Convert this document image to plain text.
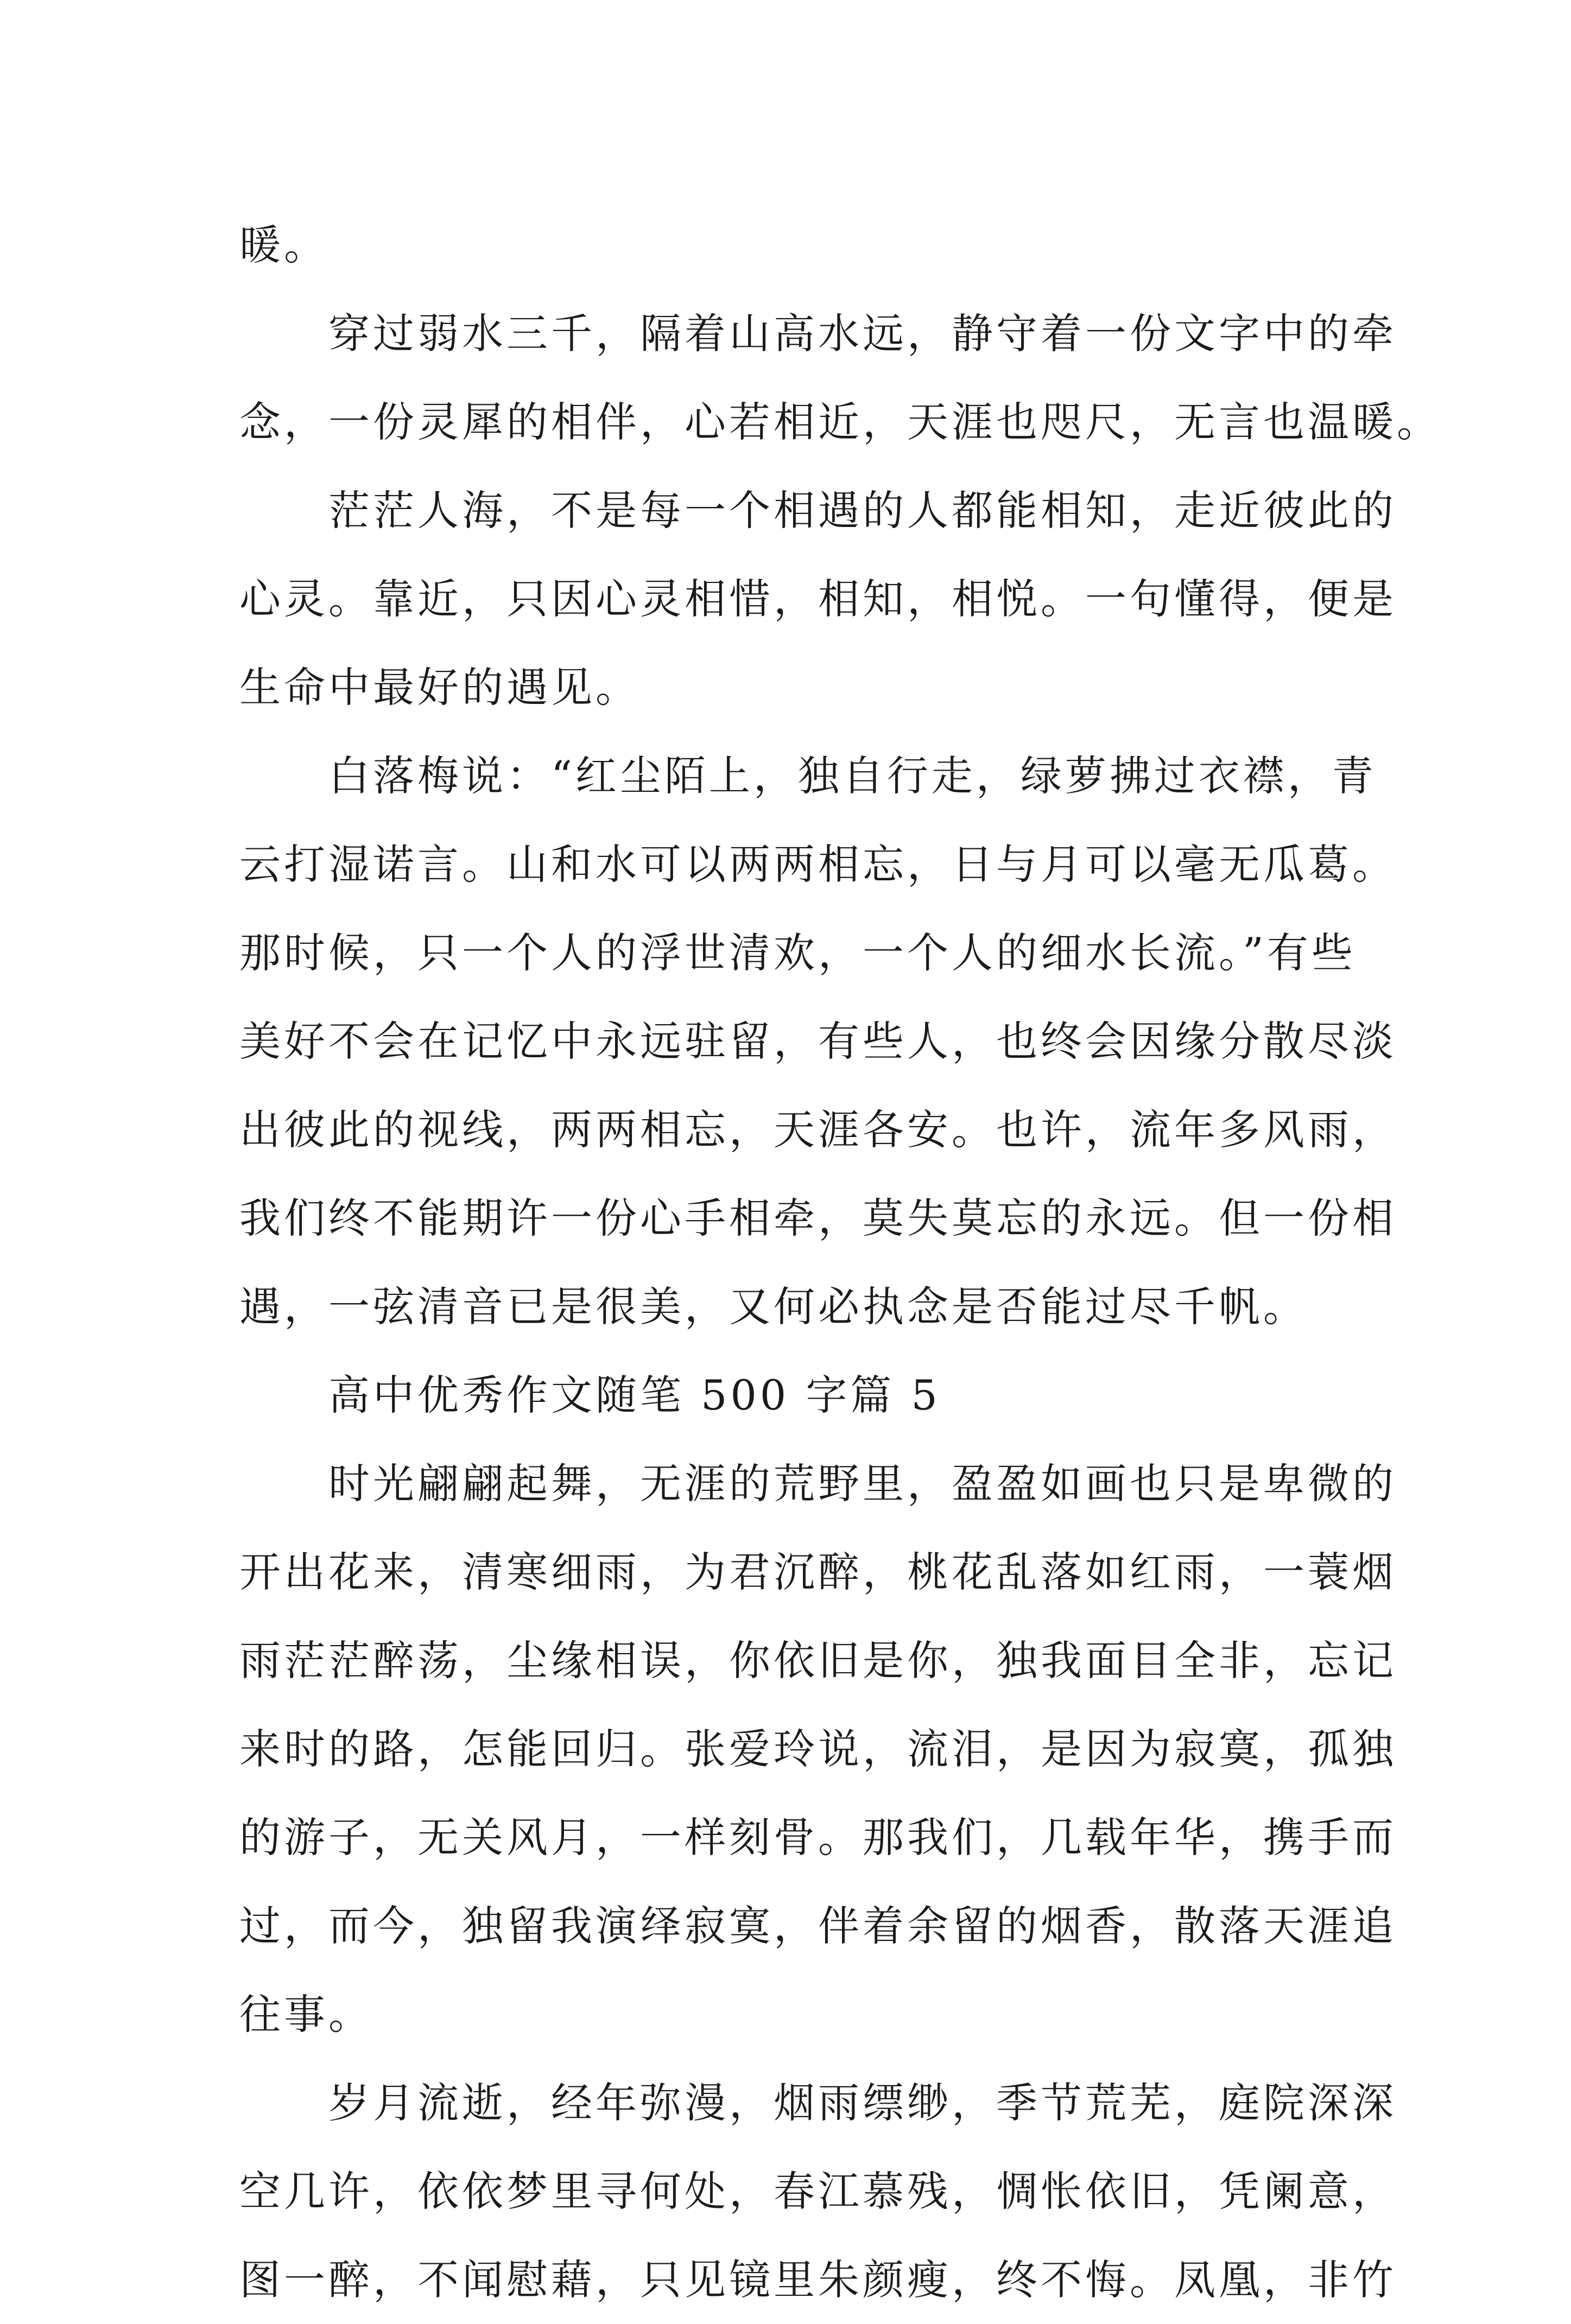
暖。
穿过弱水三千，隔着山高水远，静守着一份文字中的牵
念，一份灵犀的相伴，心若相近，天涯也咫尺，无言也温暖。
茫茫人海，不是每一个相遇的人都能相知，走近彼此的
心灵。靠近，只因心灵相惜，相知，相悦。一句懂得，便是
生命中最好的遇见。
白落梅说：“红尘陌上，独自行走，绿萝拂过衣襟，青
云打湿诺言。山和水可以两两相忘，日与月可以毫无瓜葛。
那时候，只一个人的浮世清欢，一个人的细水长流。”有些
美好不会在记忆中永远驻留，有些人，也终会因缘分散尽淡
出彼此的视线，两两相忘，天涯各安。也许，流年多风雨，
我们终不能期许一份心手相牵，莫失莫忘的永远。但一份相
遇，一弦清音已是很美，又何必执念是否能过尽千帆。
高中优秀作文随笔 500 字篇 5
时光翩翩起舞，无涯的荒野里，盈盈如画也只是卑微的
开出花来，清寒细雨，为君沉醉，桃花乱落如红雨，一蓑烟
雨茫茫醉荡，尘缘相误，你依旧是你，独我面目全非，忘记
来时的路，怎能回归。张爱玲说，流泪，是因为寂寞，孤独
的游子，无关风月，一样刻骨。那我们，几载年华，携手而
过，而今，独留我演绎寂寞，伴着余留的烟香，散落天涯追
往事。
岁月流逝，经年弥漫，烟雨缥缈，季节荒芜，庭院深深
空几许，依依梦里寻何处，春江慕残，惆怅依旧，凭阑意，
图一醉，不闻慰藉，只见镜里朱颜瘦，终不悔。凤凰，非竹
